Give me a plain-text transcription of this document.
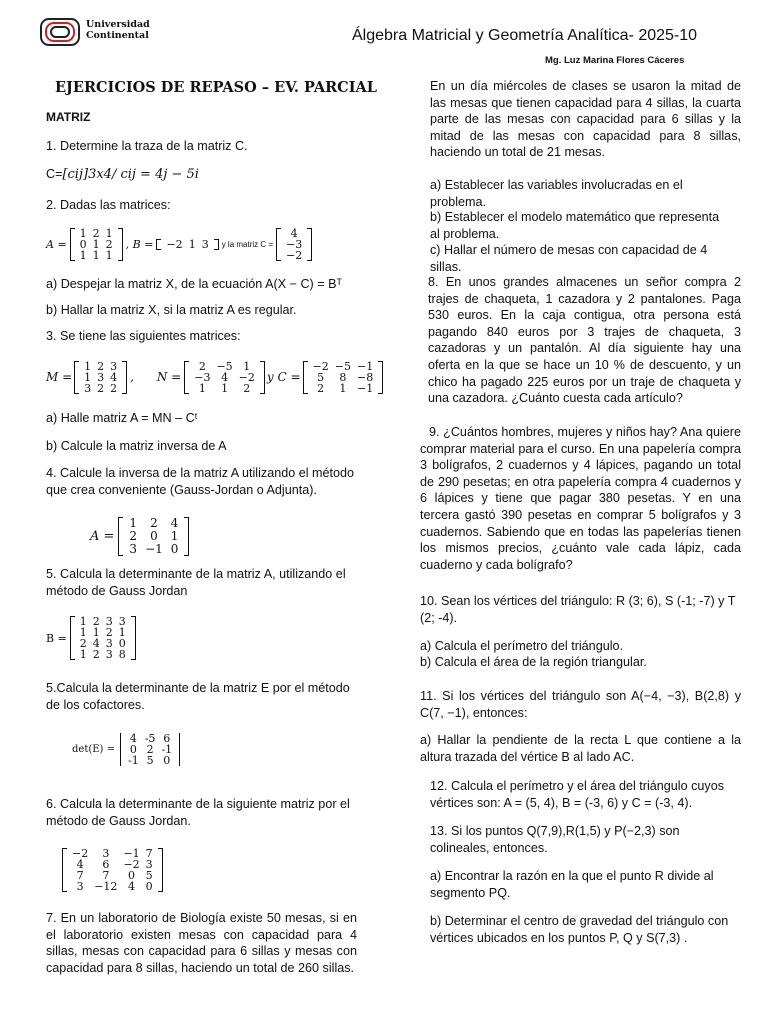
Universidad
Continental	Álgebra Matricial y Geometría Analítica- 2025-10
Mg. Luz Marina Flores Cáceres
EJERCICIOS DE REPASO – EV. PARCIAL
MATRIZ

1. Determine la traza de la matriz C.

C= [cij]3x4/ cij = 4j − 5i

2. Dadas las matrices:

A =
1	2	1
0	1	2
1	1	1
, B = −2	1	3 y la matriz C =
4
−3
−2

a) Despejar la matriz X, de la ecuación A(X − C) = Bᵀ

b) Hallar la matriz X, si la matriz A es regular.

3. Se tiene las siguientes matrices:

M =
1	2	3
1	3	4
3	2	2
,      N =
2	−5	1
−3	4	−2
1	1	2
y C =
−2	−5	−1
5	8	−8
2	1	−1

a) Halle matriz A = MN – Cᵗ

b) Calcule la matriz inversa de A

4. Calcule la inversa de la matriz A utilizando el método que crea conveniente (Gauss-Jordan o Adjunta).

A =
1	2	4
2	0	1
3	−1	0

5. Calcula la determinante de la matriz A, utilizando el método de Gauss Jordan

B =
1	2	3	3
1	1	2	1
2	4	3	0
1	2	3	8

5.Calcula la determinante de la matriz E por el método de los cofactores.

det(E) =
4	-5	6
0	2	-1
-1	5	0

6. Calcula la determinante de la siguiente matriz por el método de Gauss Jordan.

−2	3	−1	7
4	6	−2	3
7	7	0	5
3	−12	4	0

7. En un laboratorio de Biología existe 50 mesas, si en el laboratorio existen mesas con capacidad para 4 sillas, mesas con capacidad para 6 sillas y mesas con capacidad para 8 sillas, haciendo un total de 260 sillas.

En un día miércoles de clases se usaron la mitad de las mesas que tienen capacidad para 4 sillas, la cuarta parte de las mesas con capacidad para 6 sillas y la mitad de las mesas con capacidad para 8 sillas, haciendo un total de 21 mesas.

a) Establecer las variables involucradas en el problema.

b) Establecer el modelo matemático que representa al problema.

c) Hallar el número de mesas con capacidad de 4 sillas.

8. En unos grandes almacenes un señor compra 2 trajes de chaqueta, 1 cazadora y 2 pantalones. Paga 530 euros. En la caja contigua, otra persona está pagando 840 euros por 3 trajes de chaqueta, 3 cazadoras y un pantalón. Al día siguiente hay una oferta en la que se hace un 10 % de descuento, y un chico ha pagado 225 euros por un traje de chaqueta y una cazadora. ¿Cuánto cuesta cada artículo?

9. ¿Cuántos hombres, mujeres y niños hay? Ana quiere comprar material para el curso. En una papelería compra 3 bolígrafos, 2 cuadernos y 4 lápices, pagando un total de 290 pesetas; en otra papelería compra 4 cuadernos y 6 lápices y tiene que pagar 380 pesetas. Y en una tercera gastó 390 pesetas en comprar 5 bolígrafos y 3 cuadernos. Sabiendo que en todas las papelerías tienen los mismos precios, ¿cuánto vale cada lápiz, cada cuaderno y cada bolígrafo?

10. Sean los vértices del triángulo: R (3; 6), S (-1; -7) y T (2; -4).

a) Calcula el perímetro del triángulo.

b) Calcula el área de la región triangular.

11. Si los vértices del triángulo son A(−4, −3), B(2,8) y C(7, −1), entonces:

a) Hallar la pendiente de la recta L que contiene a la altura trazada del vértice B al lado AC.

12. Calcula el perímetro y el área del triángulo cuyos vértices son: A = (5, 4), B = (-3, 6) y C = (-3, 4).

13. Si los puntos Q(7,9),R(1,5) y P(−2,3) son colineales, entonces.

a) Encontrar la razón en la que el punto R divide al segmento PQ.

b) Determinar el centro de gravedad del triángulo con vértices ubicados en los puntos P, Q y S(7,3) .
